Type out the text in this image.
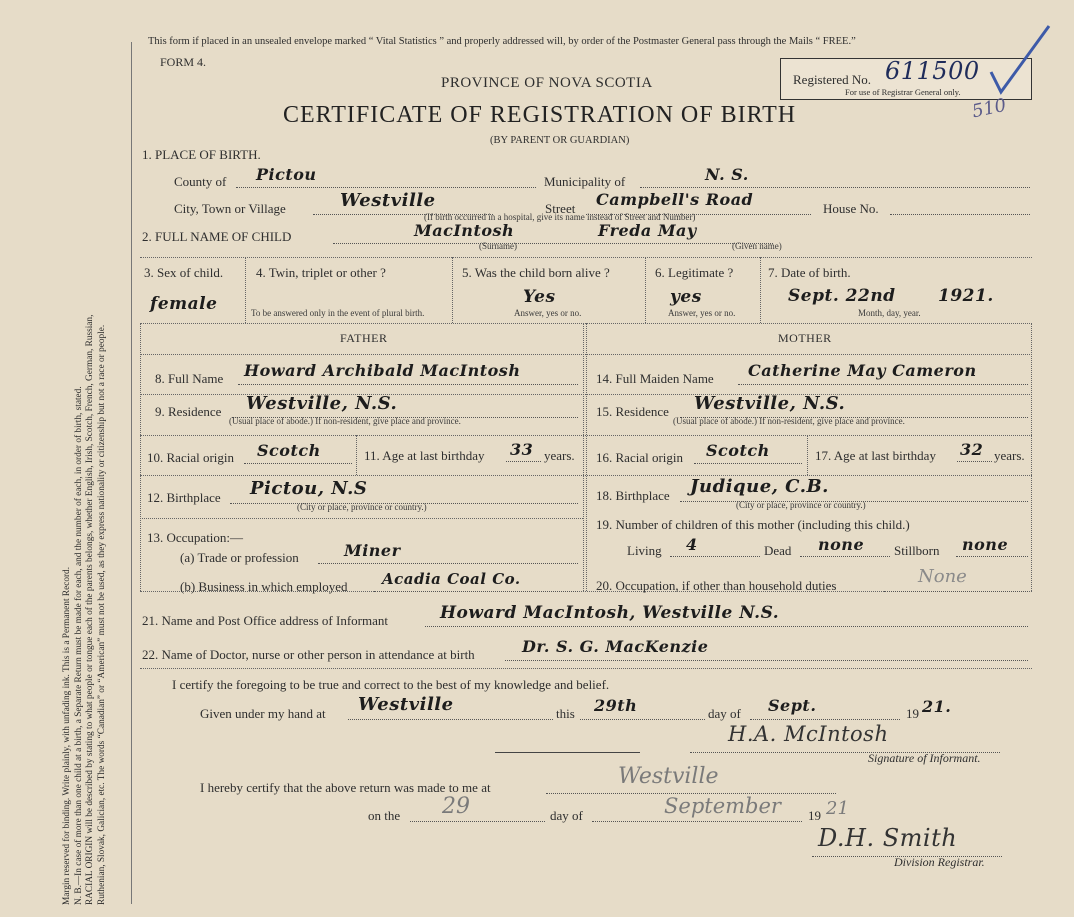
Margin reserved for binding. Write plainly, with unfading ink. This is a Permanent Record. N. B.—In case of more than one child at a birth, a Separate Return must be made for each, and the number of each, in order of birth, stated. RACIAL ORIGIN will be described by stating to what people or tongue each of the parents belongs, whether English, Irish, Scotch, French, German, Russian, Ruthenian, Slovak, Galician, etc. The words “Canadian” or “American” must not be used, as they express nationality or citizenship but not a race or people.
This form if placed in an unsealed envelope marked “ Vital Statistics ” and properly addressed will, by order of the Postmaster General pass through the Mails “ FREE.”
FORM 4.
PROVINCE OF NOVA SCOTIA
CERTIFICATE OF REGISTRATION OF BIRTH
(BY PARENT OR GUARDIAN)
Registered No. 611500
For use of Registrar General only.
510
1. PLACE OF BIRTH.
County of Pictou	Municipality of	N. S.
City, Town or Village	Westville	Street Campbell's Road	House No.
(If birth occurred in a hospital, give its name instead of Street and Number)
2. FULL NAME OF CHILD	MacIntosh
(Surname)
Freda May
(Given name)
3. Sex of child.
female
4. Twin, triplet or other ?
To be answered only in the event of plural birth.
5. Was the child born alive ?
Yes
Answer, yes or no.
6. Legitimate ?
yes
Answer, yes or no.
7. Date of birth.
Sept. 22nd 1921.
Month, day, year.
FATHER	MOTHER
8. Full Name Howard Archibald MacIntosh
9. Residence Westville, N.S.
(Usual place of abode.) If non-resident, give place and province.
10. Racial origin Scotch	11. Age at last birthday 33 years.
12. Birthplace Pictou, N.S
(City or place, province or country.)
13. Occupation:—
(a) Trade or profession	Miner
(b) Business in which employed Acadia Coal Co.
14. Full Maiden Name Catherine May Cameron
15. Residence Westville, N.S.
(Usual place of abode.) If non-resident, give place and province.
16. Racial origin Scotch	17. Age at last birthday 32 years.
18. Birthplace Judique, C.B.
(City or place, province or country.)
19. Number of children of this mother (including this child.)
Living 4	Dead none Stillborn none
20. Occupation, if other than household duties	None
21. Name and Post Office address of Informant	Howard MacIntosh, Westville N.S.
22. Name of Doctor, nurse or other person in attendance at birth	Dr. S. G. MacKenzie
I certify the foregoing to be true and correct to the best of my knowledge and belief.
Given under my hand at Westville	this 29th	day of Sept.	19 21.
H.A. McIntosh
Signature of Informant.
I hereby certify that the above return was made to me at	Westville
on the 29	day of	September 19 21
D.H. Smith
Division Registrar.
